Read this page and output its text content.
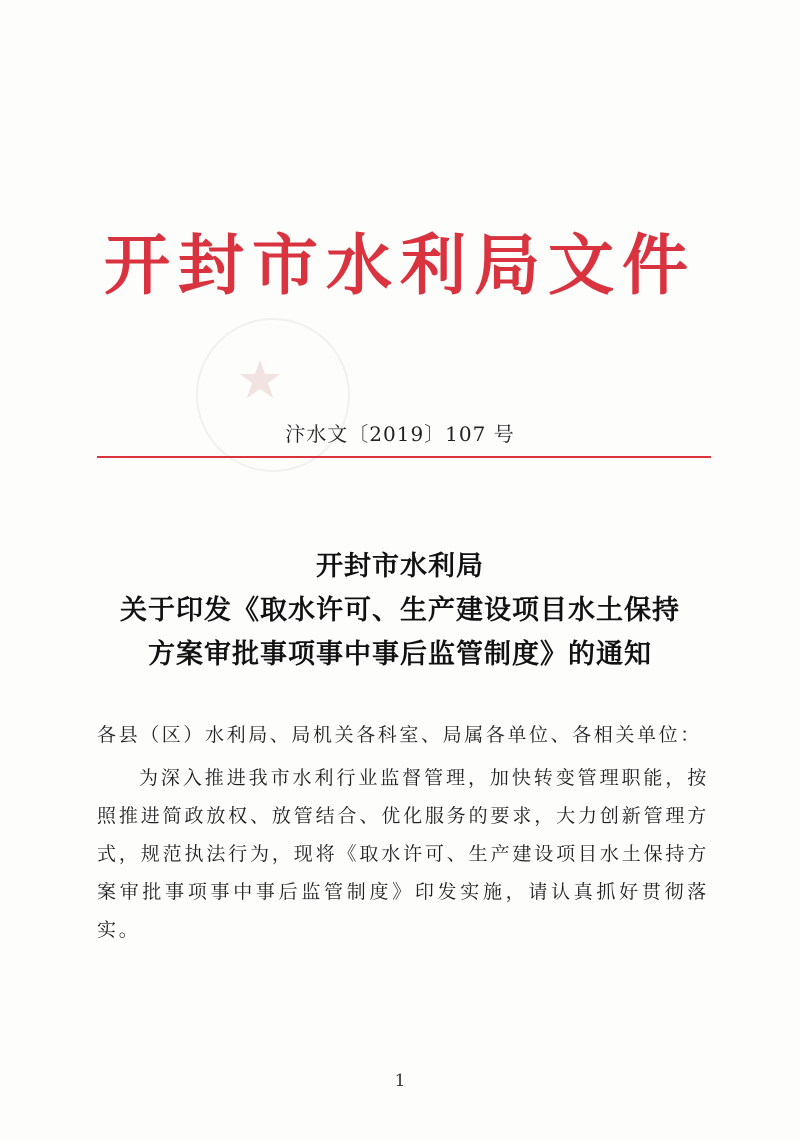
开封市水利局文件
汴水文〔2019〕107 号
开封市水利局
关于印发《取水许可、生产建设项目水土保持
方案审批事项事中事后监管制度》的通知
各县（区）水利局、局机关各科室、局属各单位、各相关单位：
为深入推进我市水利行业监督管理，加快转变管理职能，按照推进简政放权、放管结合、优化服务的要求，大力创新管理方式，规范执法行为，现将《取水许可、生产建设项目水土保持方案审批事项事中事后监管制度》印发实施，请认真抓好贯彻落实。
1
